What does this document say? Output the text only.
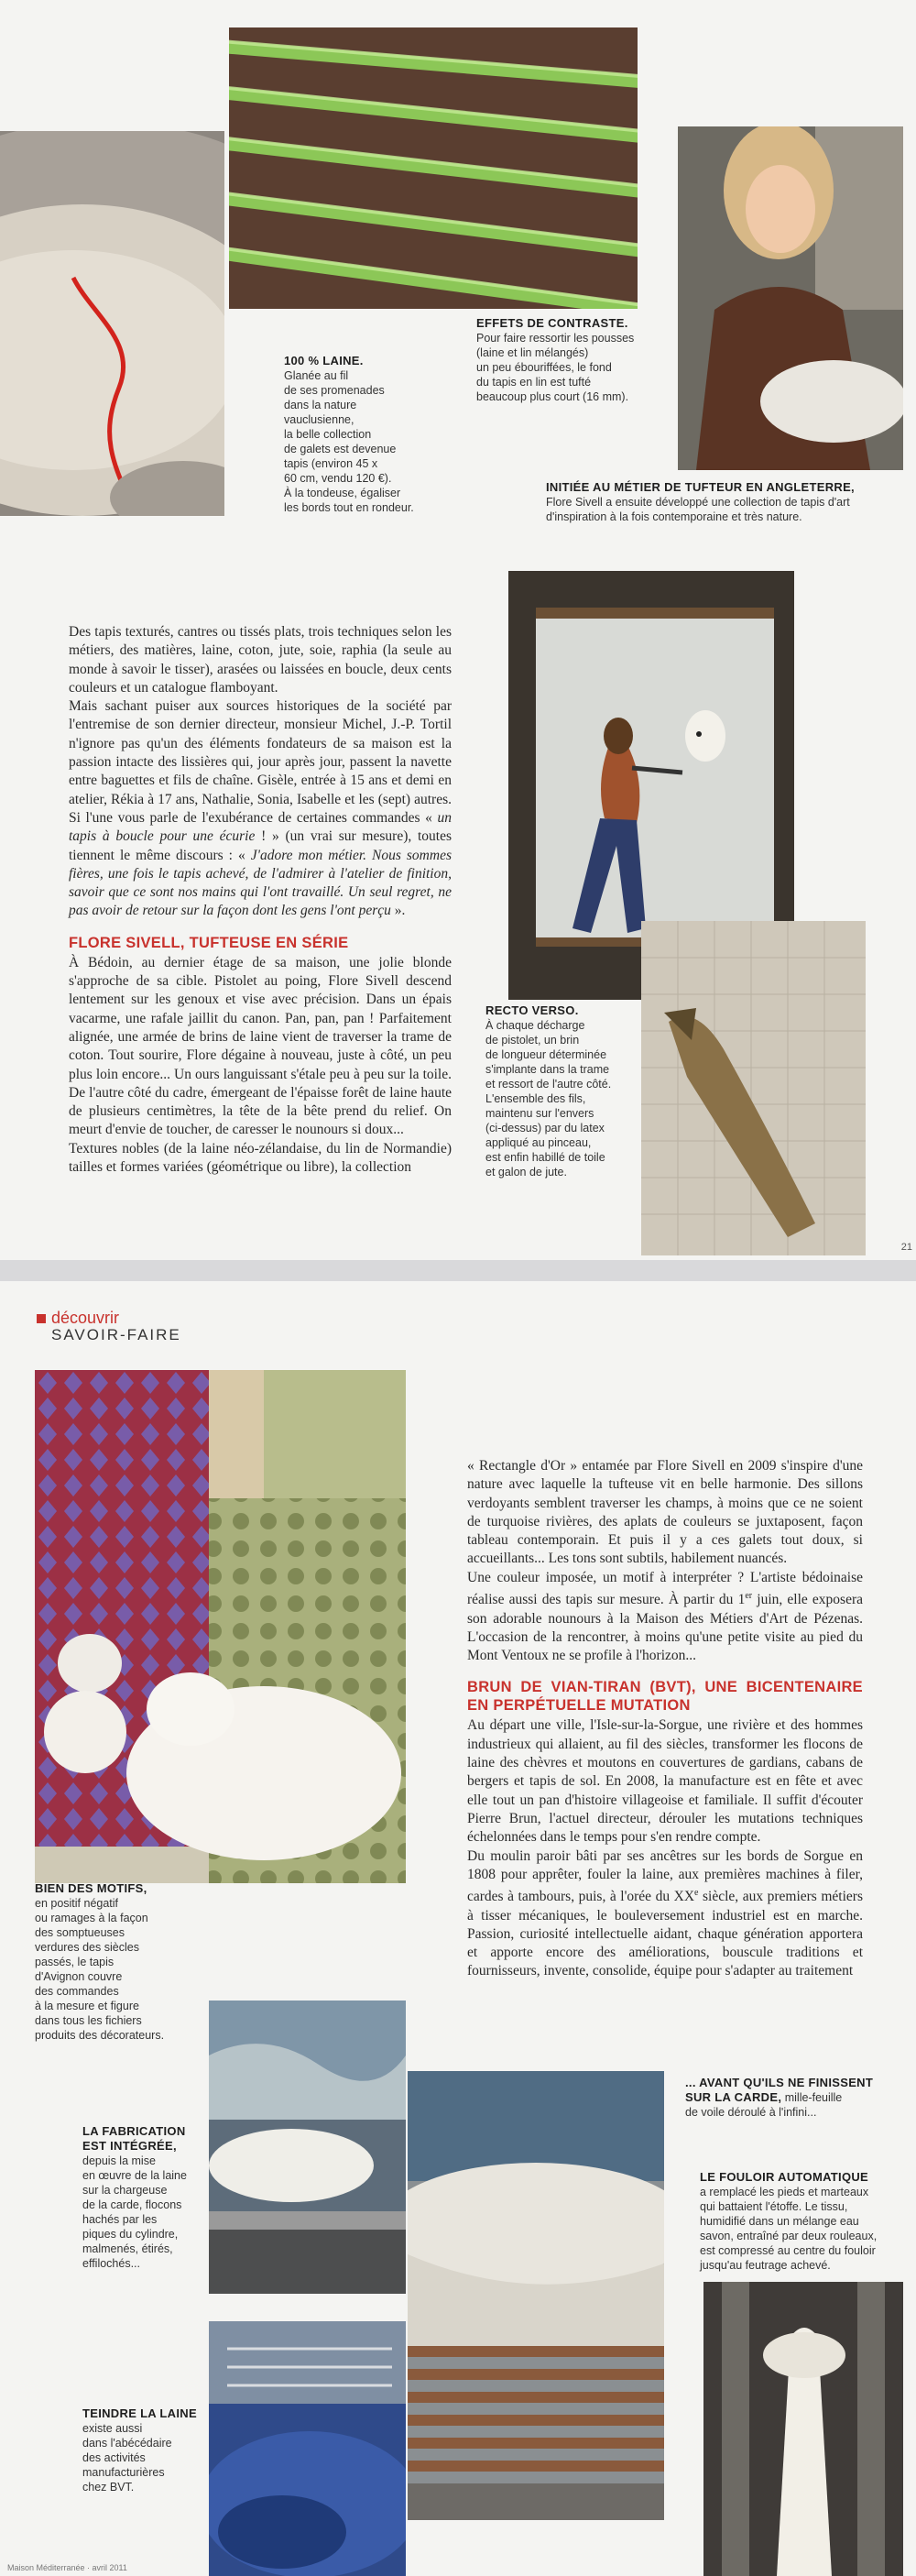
100 % LAINE.
Glanée au fil
de ses promenades
dans la nature
vauclusienne,
la belle collection
de galets est devenue
tapis (environ 45 x
60 cm, vendu 120 €).
À la tondeuse, égaliser
les bords tout en rondeur.
EFFETS DE CONTRASTE.
Pour faire ressortir les pousses
(laine et lin mélangés)
un peu ébouriffées, le fond
du tapis en lin est tufté
beaucoup plus court (16 mm).
INITIÉE AU MÉTIER DE TUFTEUR EN ANGLETERRE,
Flore Sivell a ensuite développé une collection de tapis d'art
d'inspiration à la fois contemporaine et très nature.

Des tapis texturés, cantres ou tissés plats, trois techniques selon les métiers, des matières, laine, coton, jute, soie, raphia (la seule au monde à savoir le tisser), arasées ou laissées en boucle, deux cents couleurs et un catalogue flamboyant.

Mais sachant puiser aux sources historiques de la société par l'entremise de son dernier directeur, monsieur Michel, J.-P. Tortil n'ignore pas qu'un des éléments fondateurs de sa maison est la passion intacte des lissières qui, jour après jour, passent la navette entre baguettes et fils de chaîne. Gisèle, entrée à 15 ans et demi en atelier, Rékia à 17 ans, Nathalie, Sonia, Isabelle et les (sept) autres. Si l'une vous parle de l'exubérance de certaines commandes « un tapis à boucle pour une écurie ! » (un vrai sur mesure), toutes tiennent le même discours : « J'adore mon métier. Nous sommes fières, une fois le tapis achevé, de l'admirer à l'atelier de finition, savoir que ce sont nos mains qui l'ont travaillé. Un seul regret, ne pas avoir de retour sur la façon dont les gens l'ont perçu ».

FLORE SIVELL, TUFTEUSE EN SÉRIE

À Bédoin, au dernier étage de sa maison, une jolie blonde s'approche de sa cible. Pistolet au poing, Flore Sivell descend lentement sur les genoux et vise avec précision. Dans un épais vacarme, une rafale jaillit du canon. Pan, pan, pan ! Parfaitement alignée, une armée de brins de laine vient de traverser la trame de coton. Tout sourire, Flore dégaine à nouveau, juste à côté, un peu plus loin encore... Un ours languissant s'étale peu à peu sur la toile. De l'autre côté du cadre, émergeant de l'épaisse forêt de laine haute de plusieurs centimètres, la tête de la bête prend du relief. On meurt d'envie de toucher, de caresser le nounours si doux...

Textures nobles (de la laine néo-zélandaise, du lin de Normandie) tailles et formes variées (géométrique ou libre), la collection

RECTO VERSO.
À chaque décharge
de pistolet, un brin
de longueur déterminée
s'implante dans la trame
et ressort de l'autre côté.
L'ensemble des fils,
maintenu sur l'envers
(ci-dessus) par du latex
appliqué au pinceau,
est enfin habillé de toile
et galon de jute.
21
découvrir
SAVOIR-FAIRE
BIEN DES MOTIFS,
en positif négatif
ou ramages à la façon
des somptueuses
verdures des siècles
passés, le tapis
d'Avignon couvre
des commandes
à la mesure et figure
dans tous les fichiers
produits des décorateurs.

« Rectangle d'Or » entamée par Flore Sivell en 2009 s'inspire d'une nature avec laquelle la tufteuse vit en belle harmonie. Des sillons verdoyants semblent traverser les champs, à moins que ce ne soient de turquoise rivières, des aplats de couleurs se juxtaposent, façon tableau contemporain. Et puis il y a ces galets tout doux, si accueillants... Les tons sont subtils, habilement nuancés.

Une couleur imposée, un motif à interpréter ? L'artiste bédoinaise réalise aussi des tapis sur mesure. À partir du 1er juin, elle exposera son adorable nounours à la Maison des Métiers d'Art de Pézenas. L'occasion de la rencontrer, à moins qu'une petite visite au pied du Mont Ventoux ne se profile à l'horizon...

BRUN DE VIAN-TIRAN (BVT), UNE BICENTENAIRE EN PERPÉTUELLE MUTATION

Au départ une ville, l'Isle-sur-la-Sorgue, une rivière et des hommes industrieux qui allaient, au fil des siècles, transformer les flocons de laine des chèvres et moutons en couvertures de gardians, cabans de bergers et tapis de sol. En 2008, la manufacture est en fête et avec elle tout un pan d'histoire villageoise et familiale. Il suffit d'écouter Pierre Brun, l'actuel directeur, dérouler les mutations techniques échelonnées dans le temps pour s'en rendre compte.

Du moulin paroir bâti par ses ancêtres sur les bords de Sorgue en 1808 pour apprêter, fouler la laine, aux premières machines à filer, cardes à tambours, puis, à l'orée du XXe siècle, aux premiers métiers à tisser mécaniques, le bouleversement industriel est en marche. Passion, curiosité intellectuelle aidant, chaque génération apportera et apporte encore des améliorations, bouscule traditions et fournisseurs, invente, consolide, équipe pour s'adapter au traitement

LA FABRICATION
EST INTÉGRÉE,
depuis la mise
en œuvre de la laine
sur la chargeuse
de la carde, flocons
hachés par les
piques du cylindre,
malmenés, étirés,
effilochés...
... AVANT QU'ILS NE FINISSENT
SUR LA CARDE, mille-feuille
de voile déroulé à l'infini...
LE FOULOIR AUTOMATIQUE
a remplacé les pieds et marteaux
qui battaient l'étoffe. Le tissu,
humidifié dans un mélange eau
savon, entraîné par deux rouleaux,
est compressé au centre du fouloir
jusqu'au feutrage achevé.
TEINDRE LA LAINE
existe aussi
dans l'abécédaire
des activités
manufacturières
chez BVT.
Maison Méditerranée · avril 2011
